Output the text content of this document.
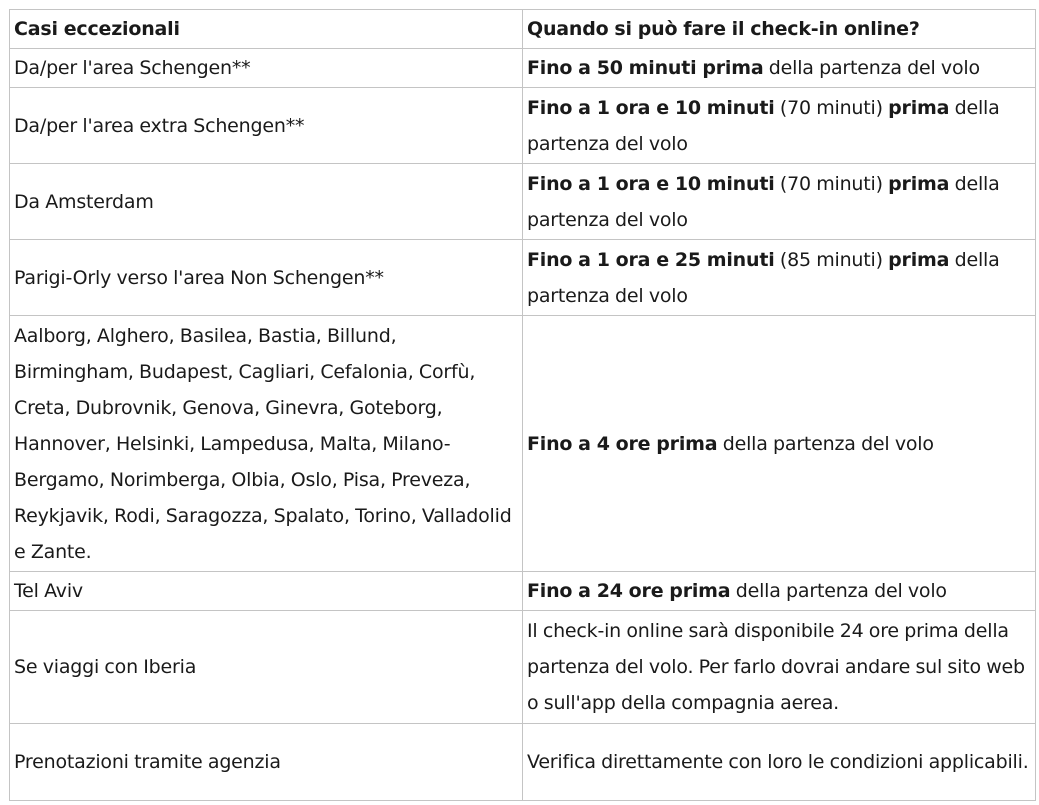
Casi eccezionali	Quando si può fare il check-in online?
Da/per l'area Schengen**	Fino a 50 minuti prima della partenza del volo
Da/per l'area extra Schengen**	Fino a 1 ora e 10 minuti (70 minuti) prima della partenza del volo
Da Amsterdam	Fino a 1 ora e 10 minuti (70 minuti) prima della partenza del volo
Parigi-Orly verso l'area Non Schengen**	Fino a 1 ora e 25 minuti (85 minuti) prima della partenza del volo
Aalborg, Alghero, Basilea, Bastia, Billund, Birmingham, Budapest, Cagliari, Cefalonia, Corfù, Creta, Dubrovnik, Genova, Ginevra, Goteborg, Hannover, Helsinki, Lampedusa, Malta, Milano-Bergamo, Norimberga, Olbia, Oslo, Pisa, Preveza, Reykjavik, Rodi, Saragozza, Spalato, Torino, Valladolid e Zante.	Fino a 4 ore prima della partenza del volo
Tel Aviv	Fino a 24 ore prima della partenza del volo
Se viaggi con Iberia	Il check-in online sarà disponibile 24 ore prima della partenza del volo. Per farlo dovrai andare sul sito web o sull'app della compagnia aerea.
Prenotazioni tramite agenzia	Verifica direttamente con loro le condizioni applicabili.
